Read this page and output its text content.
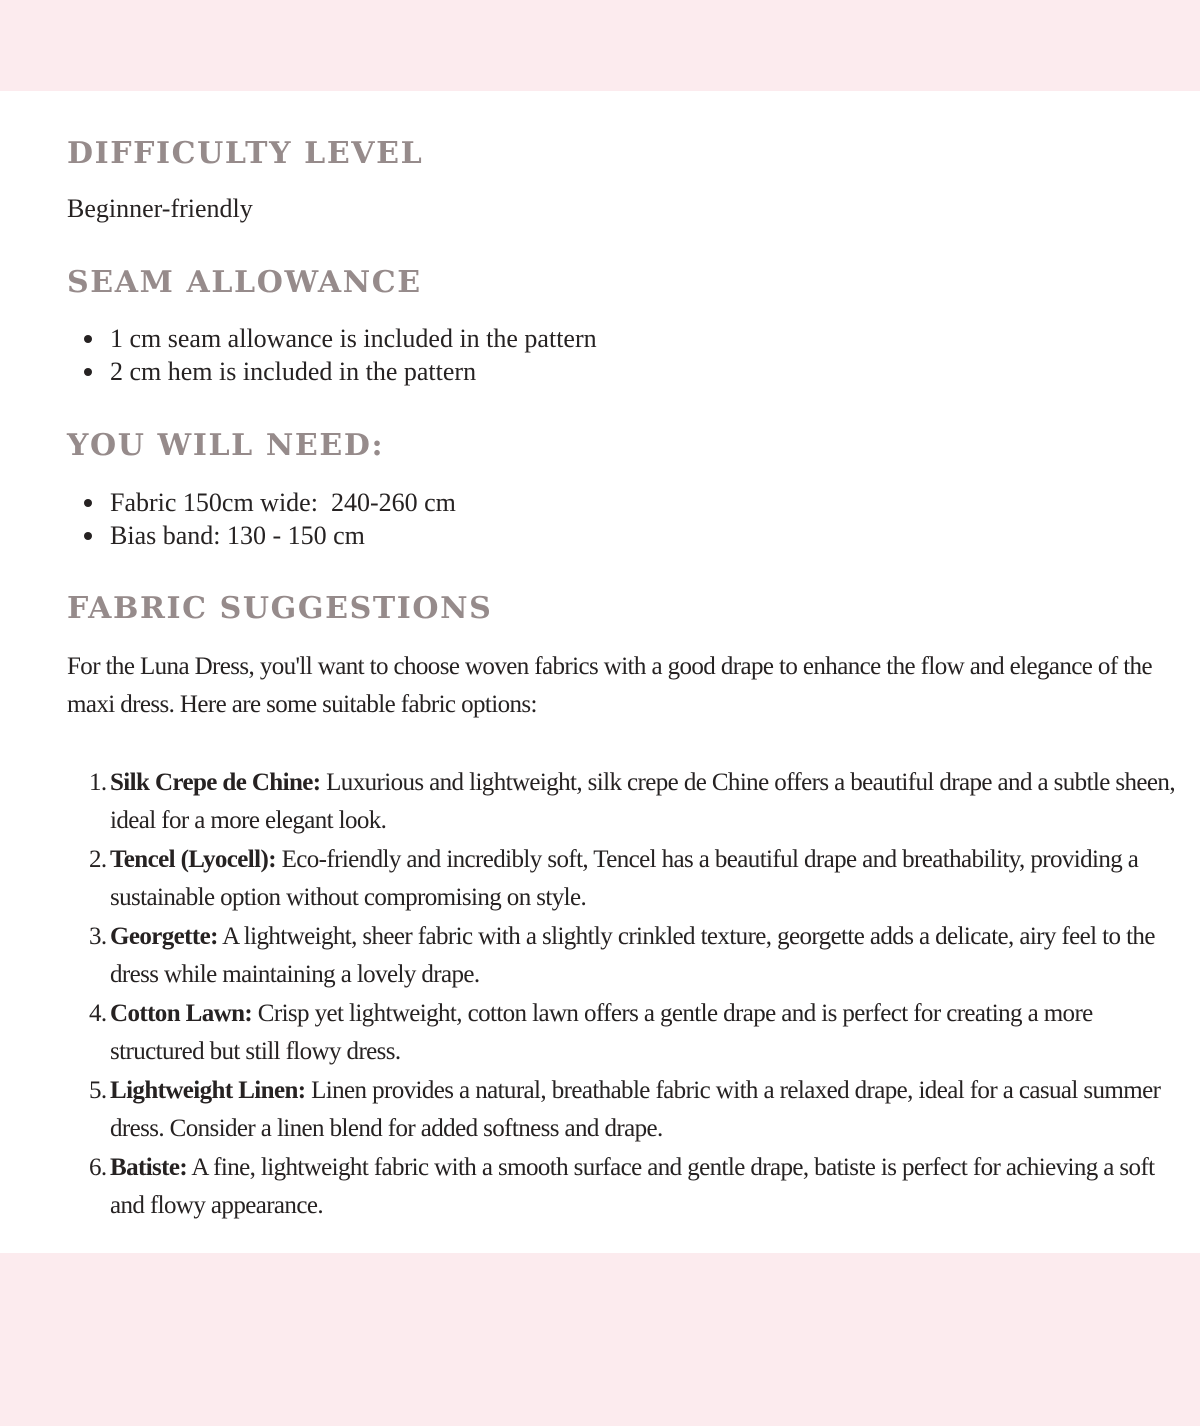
DIFFICULTY LEVEL

Beginner-friendly

SEAM ALLOWANCE
1 cm seam allowance is included in the pattern
2 cm hem is included in the pattern
YOU WILL NEED:
Fabric 150cm wide:  240-260 cm
Bias band: 130 - 150 cm
FABRIC SUGGESTIONS

For the Luna Dress, you'll want to choose woven fabrics with a good drape to enhance the flow and elegance of the maxi dress. Here are some suitable fabric options:

1. Silk Crepe de Chine: Luxurious and lightweight, silk crepe de Chine offers a beautiful drape and a subtle sheen, ideal for a more elegant look.
2. Tencel (Lyocell): Eco-friendly and incredibly soft, Tencel has a beautiful drape and breathability, providing a sustainable option without compromising on style.
3. Georgette: A lightweight, sheer fabric with a slightly crinkled texture, georgette adds a delicate, airy feel to the dress while maintaining a lovely drape.
4. Cotton Lawn: Crisp yet lightweight, cotton lawn offers a gentle drape and is perfect for creating a more structured but still flowy dress.
5. Lightweight Linen: Linen provides a natural, breathable fabric with a relaxed drape, ideal for a casual summer dress. Consider a linen blend for added softness and drape.
6. Batiste: A fine, lightweight fabric with a smooth surface and gentle drape, batiste is perfect for achieving a soft and flowy appearance.
